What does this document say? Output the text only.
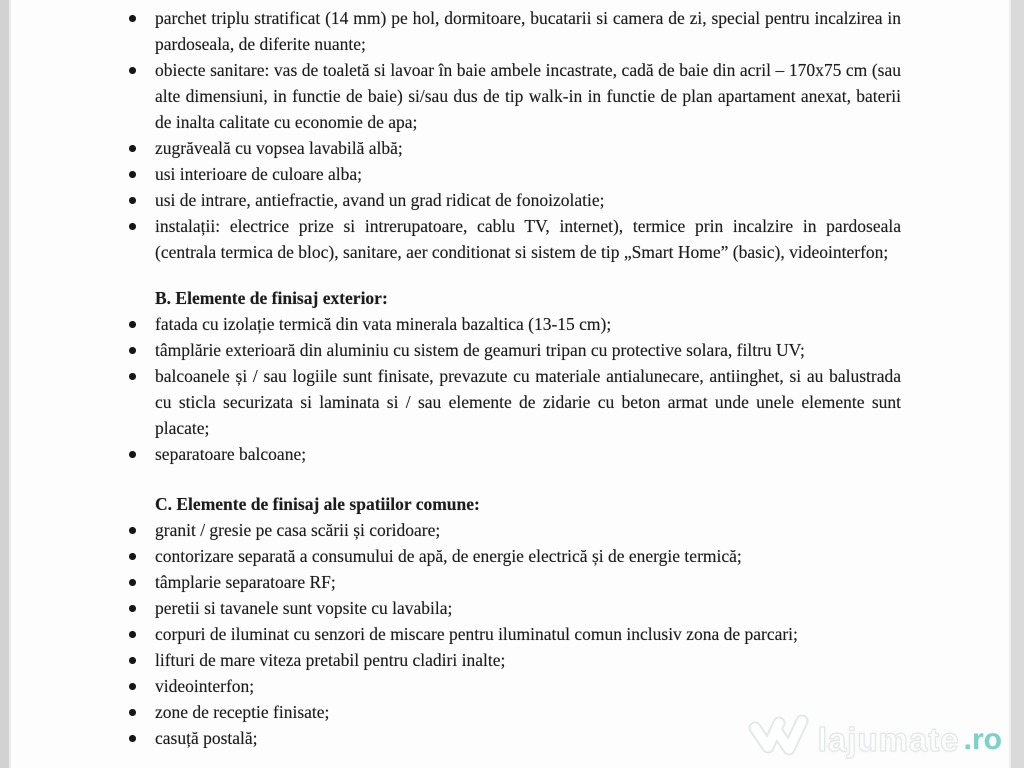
parchet triplu stratificat (14 mm) pe hol, dormitoare, bucatarii si camera de zi, special pentru incalzirea in pardoseala, de diferite nuante;
obiecte sanitare: vas de toaletă si lavoar în baie ambele incastrate, cadă de baie din acril – 170x75 cm (sau alte dimensiuni, in functie de baie) si/sau dus de tip walk-in in functie de plan apartament anexat, baterii de inalta calitate cu economie de apa;
zugrăveală cu vopsea lavabilă albă;
usi interioare de culoare alba;
usi de intrare, antiefractie, avand un grad ridicat de fonoizolatie;
instalații: electrice prize si intrerupatoare, cablu TV, internet), termice prin incalzire in pardoseala (centrala termica de bloc), sanitare, aer conditionat si sistem de tip „Smart Home” (basic), videointerfon;
B. Elemente de finisaj exterior:
fatada cu izolație termică din vata minerala bazaltica (13-15 cm);
tâmplărie exterioară din aluminiu cu sistem de geamuri tripan cu protective solara, filtru UV;
balcoanele și / sau logiile sunt finisate, prevazute cu materiale antialunecare, antiinghet, si au balustrada cu sticla securizata si laminata si / sau elemente de zidarie cu beton armat unde unele elemente sunt placate;
separatoare balcoane;
C. Elemente de finisaj ale spatiilor comune:
granit / gresie pe casa scării și coridoare;
contorizare separată a consumului de apă, de energie electrică și de energie termică;
tâmplarie separatoare RF;
peretii si tavanele sunt vopsite cu lavabila;
corpuri de iluminat cu senzori de miscare pentru iluminatul comun inclusiv zona de parcari;
lifturi de mare viteza pretabil pentru cladiri inalte;
videointerfon;
zone de receptie finisate;
casuță postală;	lajumate .ro
